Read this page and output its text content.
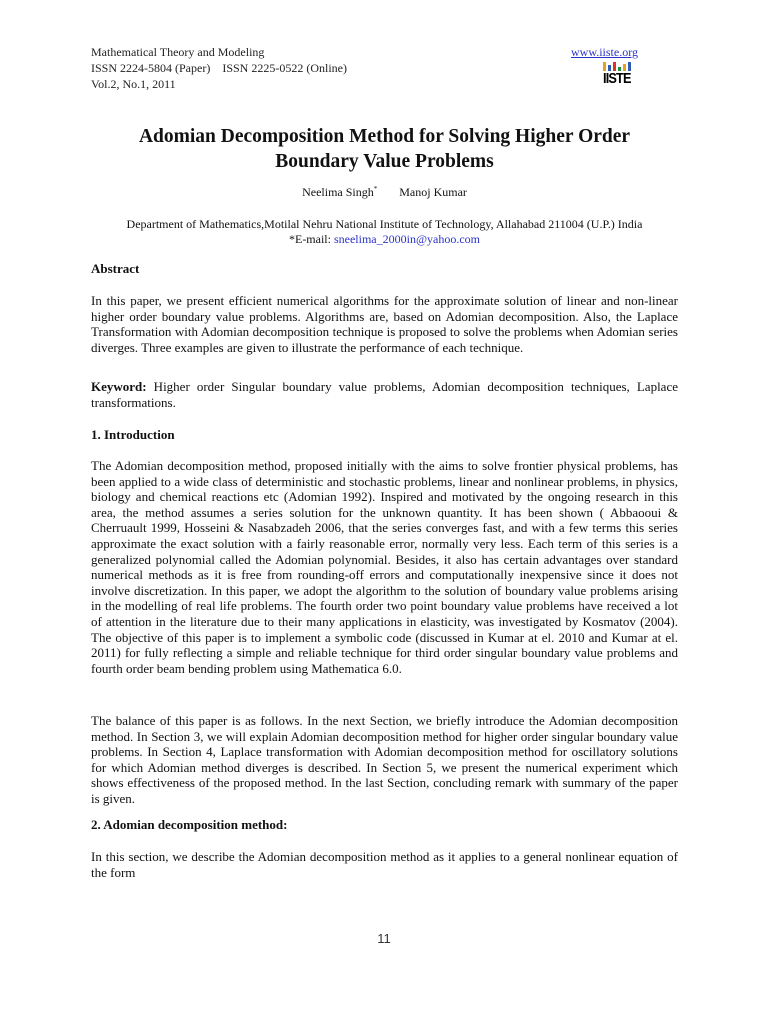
Mathematical Theory and Modeling
ISSN 2224-5804 (Paper)    ISSN 2225-0522 (Online)
Vol.2, No.1, 2011
www.iiste.org
IISTE
Adomian Decomposition Method for Solving Higher Order
Boundary Value Problems
Neelima Singh* Manoj Kumar
Department of Mathematics,Motilal Nehru National Institute of Technology, Allahabad 211004 (U.P.) India
*E-mail: sneelima_2000in@yahoo.com
Abstract
In this paper, we present efficient numerical algorithms for the approximate solution of linear and non-linear higher order boundary value problems. Algorithms are, based on Adomian decomposition. Also, the Laplace Transformation with Adomian decomposition technique is proposed to solve the problems when Adomian series diverges. Three examples are given to illustrate the performance of each technique.
Keyword: Higher order Singular boundary value problems, Adomian decomposition techniques, Laplace transformations.
1. Introduction
The Adomian decomposition method, proposed initially with the aims to solve frontier physical problems, has been applied to a wide class of deterministic and stochastic problems, linear and nonlinear problems, in physics, biology and chemical reactions etc (Adomian 1992). Inspired and motivated by the ongoing research in this area, the method assumes a series solution for the unknown quantity. It has been shown ( Abbaooui & Cherruault 1999, Hosseini & Nasabzadeh 2006, that the series converges fast, and with a few terms this series approximate the exact solution with a fairly reasonable error, normally very less. Each term of this series is a generalized polynomial called the Adomian polynomial. Besides, it also has certain advantages over standard numerical methods as it is free from rounding-off errors and computationally inexpensive since it does not involve discretization. In this paper, we adopt the algorithm to the solution of boundary value problems arising in the modelling of real life problems. The fourth order two point boundary value problems have received a lot of attention in the literature due to their many applications in elasticity, was investigated by Kosmatov (2004). The objective of this paper is to implement a symbolic code (discussed in Kumar at el. 2010 and Kumar at el. 2011) for fully reflecting a simple and reliable technique for third order singular boundary value problems and fourth order beam bending problem using Mathematica 6.0.
The balance of this paper is as follows. In the next Section, we briefly introduce the Adomian decomposition method. In Section 3, we will explain Adomian decomposition method for higher order singular boundary value problems. In Section 4, Laplace transformation with Adomian decomposition method for oscillatory solutions for which Adomian method diverges is described. In Section 5, we present the numerical experiment which shows effectiveness of the proposed method. In the last Section, concluding remark with summary of the paper is given.
2. Adomian decomposition method:
In this section, we describe the Adomian decomposition method as it applies to a general nonlinear equation of the form
11
